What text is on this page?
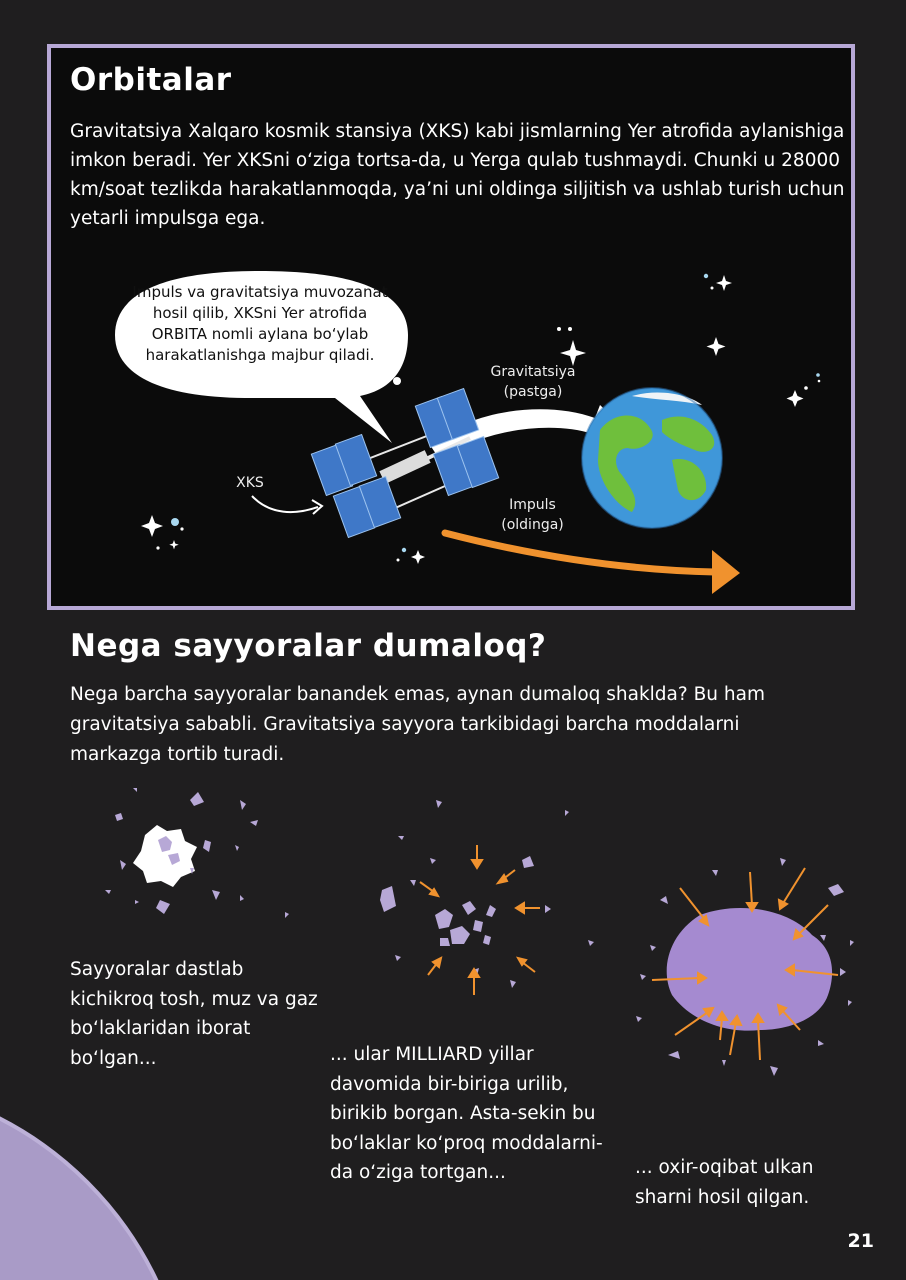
Orbitalar
Gravitatsiya Xalqaro kosmik stansiya (XKS) kabi jismlarning Yer atrofida aylanishiga imkon beradi. Yer XKSni o‘ziga tortsa-da, u Yerga qulab tushmaydi. Chunki u 28000 km/soat tezlikda harakatlanmoqda, ya’ni uni oldinga siljitish va ushlab turish uchun yetarli impulsga ega.
Impuls va gravitatsiya muvozanat hosil qilib, XKSni Yer atrofida ORBITA nomli aylana bo‘ylab harakatlanishga majbur qiladi.
XKS
Gravitatsiya
(pastga)
Impuls
(oldinga)
Nega sayyoralar dumaloq?
Nega barcha sayyoralar banandek emas, aynan dumaloq shaklda? Bu ham gravitatsiya sababli. Gravitatsiya sayyora tarkibidagi barcha moddalarni markazga tortib turadi.
Sayyoralar dastlab kichikroq tosh, muz va gaz bo‘laklaridan iborat bo‘lgan...	... ular MILLIARD yillar davomida bir-biriga urilib, birikib borgan. Asta-sekin bu bo‘laklar ko‘proq moddalarni-da o‘ziga tortgan...	... oxir-oqibat ulkan sharni hosil qilgan.
21
